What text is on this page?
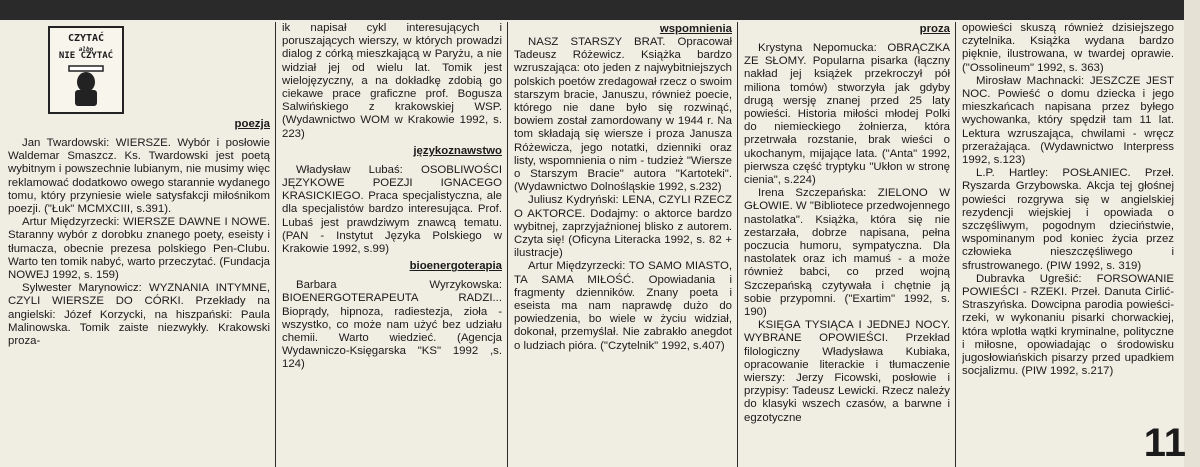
CZYTAĆ
albo
NIE CZYTAĆ
poezja

Jan Twardowski: WIERSZE. Wybór i posłowie Waldemar Smaszcz. Ks. Twardowski jest poetą wybitnym i powszechnie lubianym, nie musimy więc reklamować dodatkowo owego starannie wydanego tomu, który przyniesie wiele satysfakcji miłośnikom poezji. ("Łuk" MCMXCIII, s.391).

Artur Międzyrzecki: WIERSZE DAWNE I NOWE. Staranny wybór z dorobku znanego poety, eseisty i tłumacza, obecnie prezesa polskiego Pen-Clubu. Warto ten tomik nabyć, warto przeczytać. (Fundacja NOWEJ 1992, s. 159)

Sylwester Marynowicz: WYZNANIA INTYMNE, CZYLI WIERSZE DO CÓRKI. Przekłady na angielski: Józef Korzycki, na hiszpański: Paula Malinowska. Tomik zaiste niezwykły. Krakowski proza-

ik napisał cykl interesujących i poruszających wierszy, w których prowadzi dialog z córką mieszkającą w Paryżu, a nie widział jej od wielu lat. Tomik jest wielojęzyczny, a na dokładkę zdobią go ciekawe prace graficzne prof. Bogusza Salwińskiego z krakowskiej WSP. (Wydawnictwo WOM w Krakowie 1992, s. 223)

językoznawstwo

Władysław Lubaś: OSOBLIWOŚCI JĘZYKOWE POEZJI IGNACEGO KRASICKIEGO. Praca specjalistyczna, ale dla specjalistów bardzo interesująca. Prof. Lubaś jest prawdziwym znawcą tematu. (PAN - Instytut Języka Polskiego w Krakowie 1992, s.99)

bioenergoterapia

Barbara Wyrzykowska: BIOENERGOTERAPEUTA RADZI... Bioprądy, hipnoza, radiestezja, zioła - wszystko, co może nam użyć bez udziału chemii. Warto wiedzieć. (Agencja Wydawniczo-Księgarska "KS" 1992 ,s. 124)

wspomnienia

NASZ STARSZY BRAT. Opracował Tadeusz Różewicz. Książka bardzo wzruszająca: oto jeden z najwybitniejszych polskich poetów zredagował rzecz o swoim starszym bracie, Januszu, również poecie, którego nie dane było się rozwinąć, bowiem został zamordowany w 1944 r. Na tom składają się wiersze i proza Janusza Różewicza, jego notatki, dzienniki oraz listy, wspomnienia o nim - tudzież "Wiersze o Starszym Bracie" autora "Kartoteki". (Wydawnictwo Dolnośląskie 1992, s.232)

Juliusz Kydryński: LENA, CZYLI RZECZ O AKTORCE. Dodajmy: o aktorce bardzo wybitnej, zaprzyjaźnionej blisko z autorem. Czyta się! (Oficyna Literacka 1992, s. 82 + ilustracje)

Artur Międzyrzecki: TO SAMO MIASTO, TA SAMA MIŁOŚĆ. Opowiadania i fragmenty dzienników. Znany poeta i eseista ma nam naprawdę dużo do powiedzenia, bo wiele w życiu widział, dokonał, przemyślał. Nie zabrakło anegdot o ludziach pióra. ("Czytelnik" 1992, s.407)

proza

Krystyna Nepomucka: OBRĄCZKA ZE SŁOMY. Popularna pisarka (łączny nakład jej książek przekroczył pół miliona tomów) stworzyła jak gdyby drugą wersję znanej przed 25 laty powieści. Historia miłości młodej Polki do niemieckiego żołnierza, która przetrwała rozstanie, brak wieści o ukochanym, mijające lata. ("Anta" 1992, pierwsza część tryptyku "Ukłon w stronę cienia", s.224)

Irena Szczepańska: ZIELONO W GŁOWIE. W "Bibliotece przedwojennego nastolatka". Książka, która się nie zestarzała, dobrze napisana, pełna poczucia humoru, sympatyczna. Dla nastolatek oraz ich mamuś - a może również babci, co przed wojną Szczepańską czytywała i chętnie ją sobie przypomni. ("Exartim" 1992, s. 190)

KSIĘGA TYSIĄCA I JEDNEJ NOCY. WYBRANE OPOWIEŚCI. Przekład filologiczny Władysława Kubiaka, opracowanie literackie i tłumaczenie wierszy: Jerzy Ficowski, posłowie i przypisy: Tadeusz Lewicki. Rzecz należy do klasyki wszech czasów, a barwne i egzotyczne

opowieści skuszą również dzisiejszego czytelnika. Książka wydana bardzo pięknie, ilustrowana, w twardej oprawie. ("Ossolineum" 1992, s. 363)

Mirosław Machnacki: JESZCZE JEST NOC. Powieść o domu dziecka i jego mieszkańcach napisana przez byłego wychowanka, który spędził tam 11 lat. Lektura wzruszająca, chwilami - wręcz przerażająca. (Wydawnictwo Interpress 1992, s.123)

L.P. Hartley: POSŁANIEC. Przeł. Ryszarda Grzybowska. Akcja tej głośnej powieści rozgrywa się w angielskiej rezydencji wiejskiej i opowiada o szczęśliwym, pogodnym dzieciństwie, wspominanym pod koniec życia przez człowieka nieszczęśliwego i sfrustrowanego. (PIW 1992, s. 319)

Dubravka Ugrešić: FORSOWANIE POWIEŚCI - RZEKI. Przeł. Danuta Cirlić-Straszyńska. Dowcipna parodia powieści-rzeki, w wykonaniu pisarki chorwackiej, która wplotła wątki kryminalne, polityczne i miłosne, opowiadając o środowisku jugosłowiańskich pisarzy przed upadkiem socjalizmu. (PIW 1992, s.217)

11
